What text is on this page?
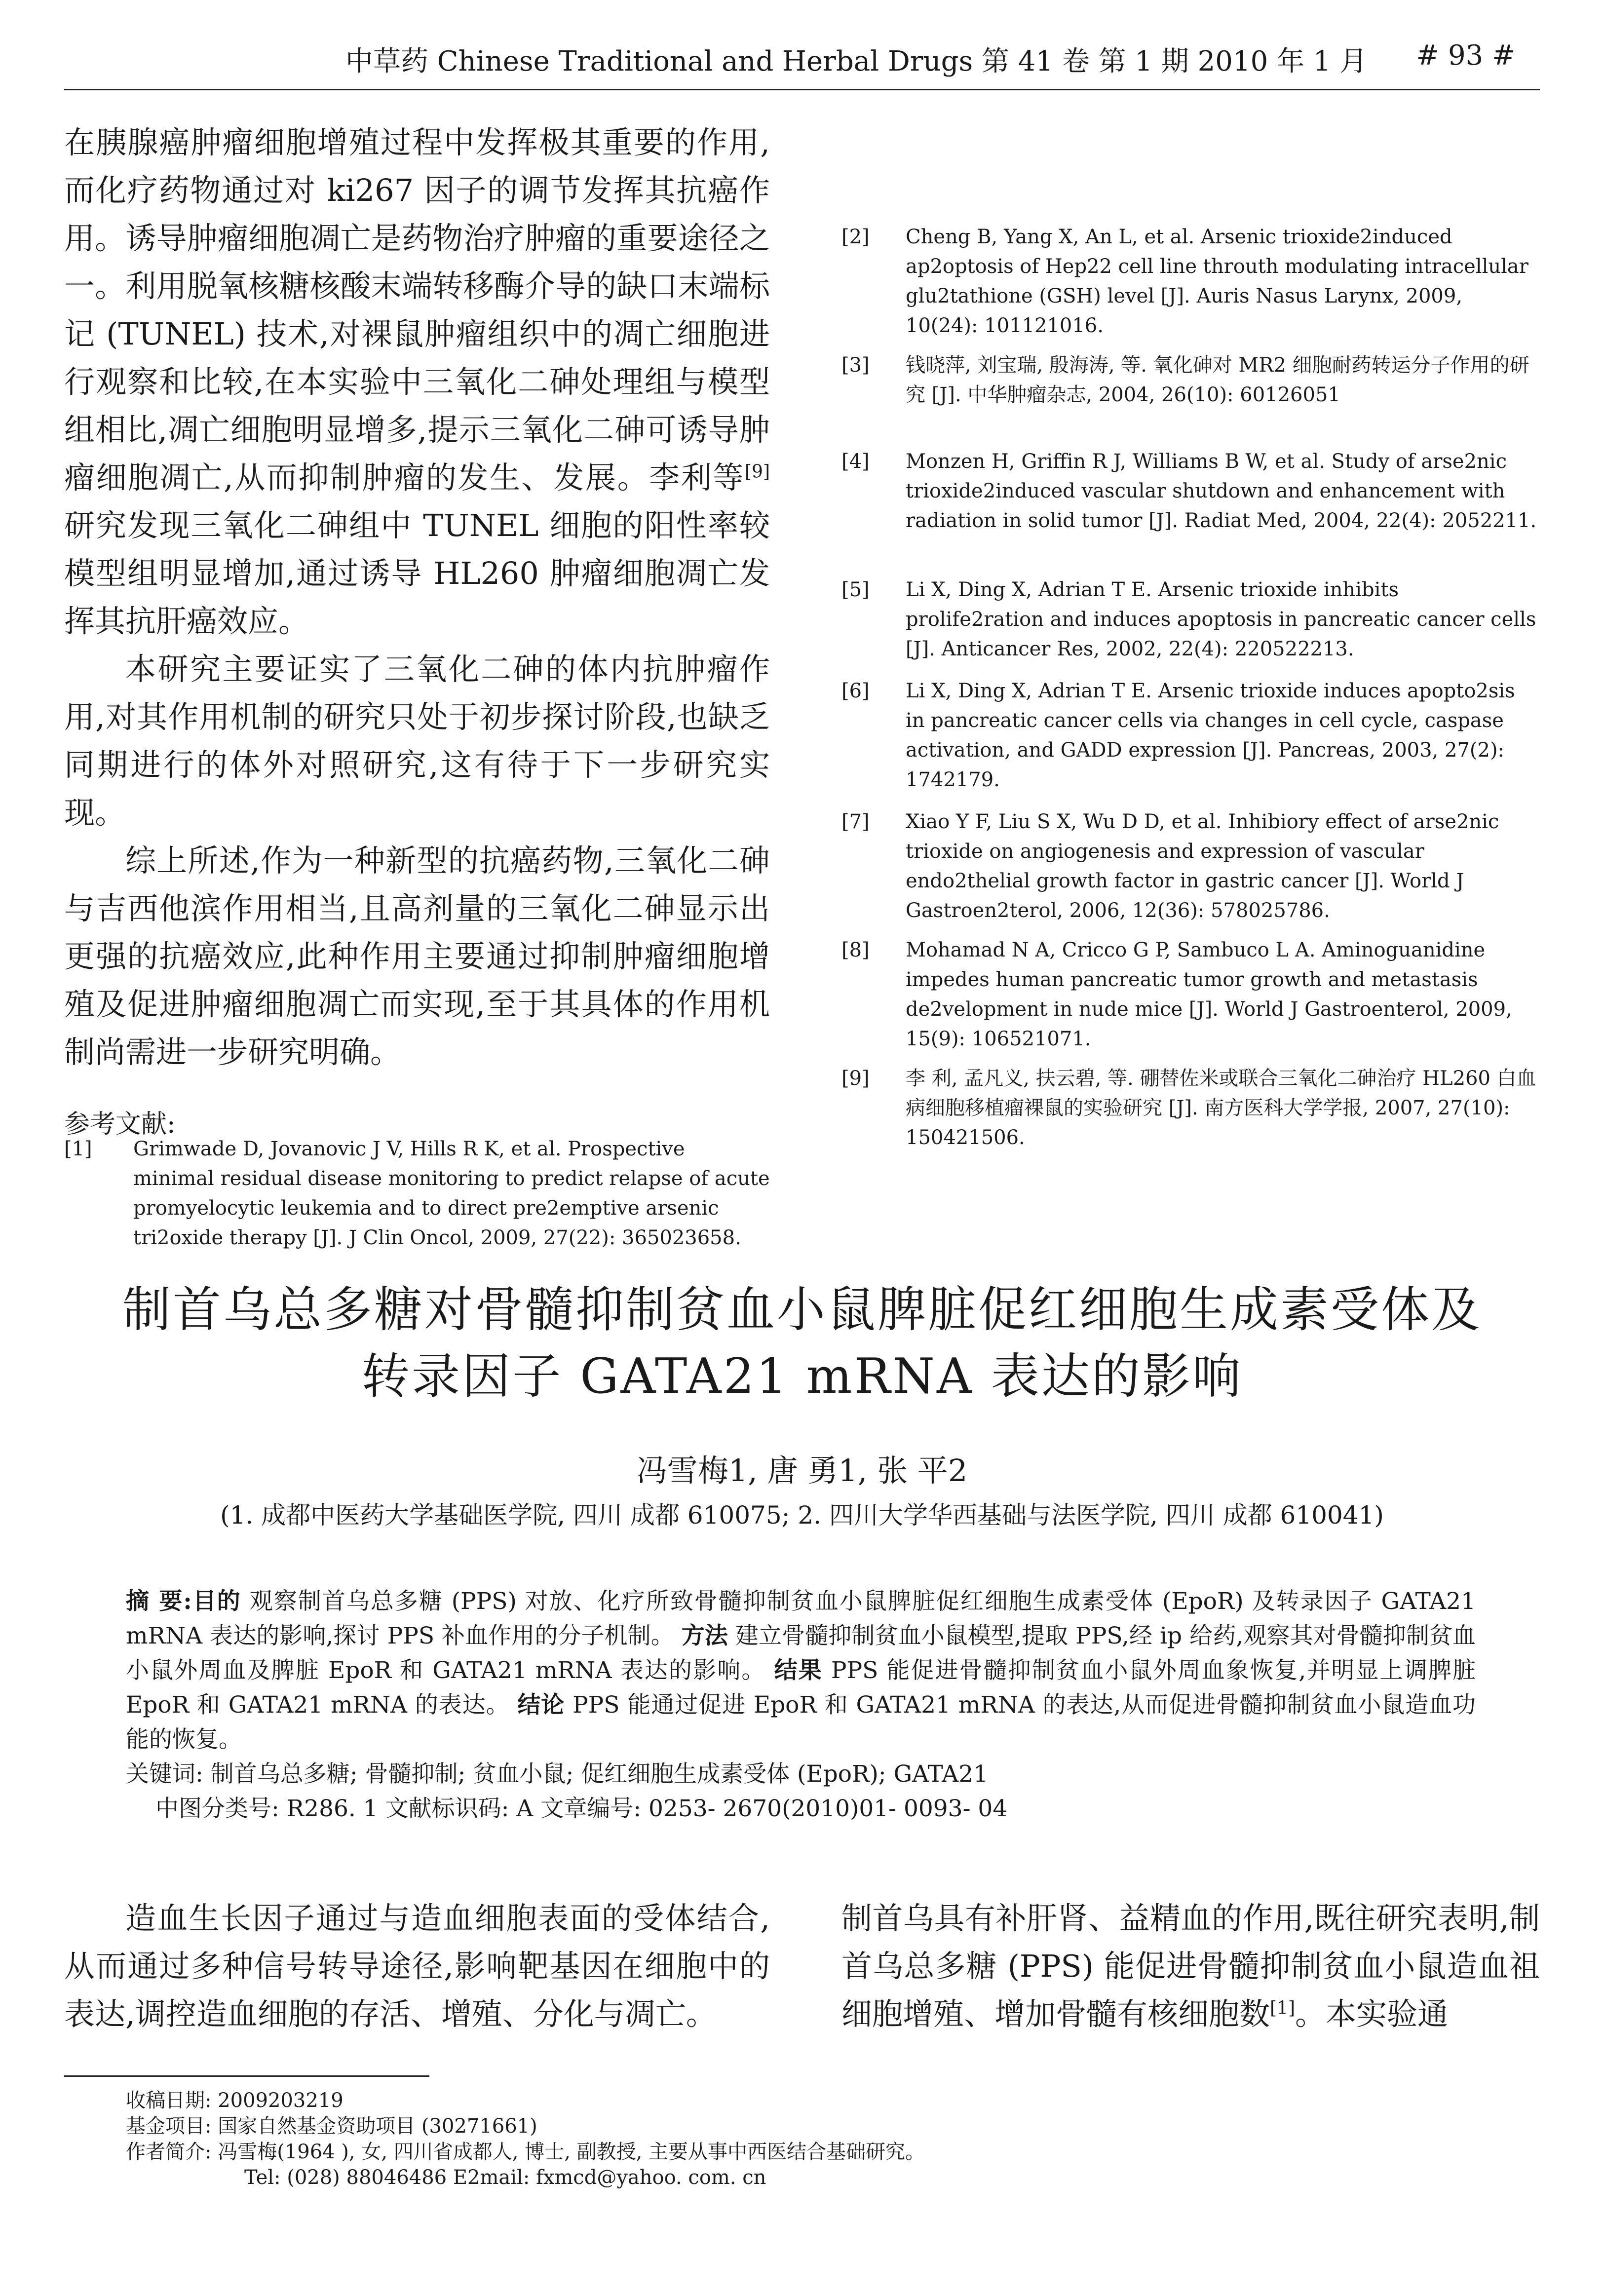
中草药 Chinese Traditional and Herbal Drugs 第 41 卷 第 1 期 2010 年 1 月 # 93 #

在胰腺癌肿瘤细胞增殖过程中发挥极其重要的作用,而化疗药物通过对 ki267 因子的调节发挥其抗癌作用。诱导肿瘤细胞凋亡是药物治疗肿瘤的重要途径之一。利用脱氧核糖核酸末端转移酶介导的缺口末端标记 (TUNEL) 技术,对裸鼠肿瘤组织中的凋亡细胞进行观察和比较,在本实验中三氧化二砷处理组与模型组相比,凋亡细胞明显增多,提示三氧化二砷可诱导肿瘤细胞凋亡,从而抑制肿瘤的发生、发展。李利等[9]研究发现三氧化二砷组中 TUNEL 细胞的阳性率较模型组明显增加,通过诱导 HL260 肿瘤细胞凋亡发挥其抗肝癌效应。

本研究主要证实了三氧化二砷的体内抗肿瘤作用,对其作用机制的研究只处于初步探讨阶段,也缺乏同期进行的体外对照研究,这有待于下一步研究实现。

综上所述,作为一种新型的抗癌药物,三氧化二砷与吉西他滨作用相当,且高剂量的三氧化二砷显示出更强的抗癌效应,此种作用主要通过抑制肿瘤细胞增殖及促进肿瘤细胞凋亡而实现,至于其具体的作用机制尚需进一步研究明确。

参考文献:
[1] Grimwade D, Jovanovic J V, Hills R K, et al. Prospective minimal residual disease monitoring to predict relapse of acute promyelocytic leukemia and to direct pre2emptive arsenic tri2oxide therapy [J]. J Clin Oncol, 2009, 27(22): 365023658.
[2] Cheng B, Yang X, An L, et al. Arsenic trioxide2induced ap2optosis of Hep22 cell line throuth modulating intracellular glu2tathione (GSH) level [J]. Auris Nasus Larynx, 2009, 10(24): 101121016.
[3] 钱晓萍, 刘宝瑞, 殷海涛, 等. 氧化砷对 MR2 细胞耐药转运分子作用的研究 [J]. 中华肿瘤杂志, 2004, 26(10): 60126051
[4] Monzen H, Griffin R J, Williams B W, et al. Study of arse2nic trioxide2induced vascular shutdown and enhancement with radiation in solid tumor [J]. Radiat Med, 2004, 22(4): 2052211.
[5] Li X, Ding X, Adrian T E. Arsenic trioxide inhibits prolife2ration and induces apoptosis in pancreatic cancer cells [J]. Anticancer Res, 2002, 22(4): 220522213.
[6] Li X, Ding X, Adrian T E. Arsenic trioxide induces apopto2sis in pancreatic cancer cells via changes in cell cycle, caspase activation, and GADD expression [J]. Pancreas, 2003, 27(2): 1742179.
[7] Xiao Y F, Liu S X, Wu D D, et al. Inhibiory effect of arse2nic trioxide on angiogenesis and expression of vascular endo2thelial growth factor in gastric cancer [J]. World J Gastroen2terol, 2006, 12(36): 578025786.
[8] Mohamad N A, Cricco G P, Sambuco L A. Aminoguanidine impedes human pancreatic tumor growth and metastasis de2velopment in nude mice [J]. World J Gastroenterol, 2009, 15(9): 106521071.
[9] 李 利, 孟凡义, 扶云碧, 等. 硼替佐米或联合三氧化二砷治疗 HL260 白血病细胞移植瘤裸鼠的实验研究 [J]. 南方医科大学学报, 2007, 27(10): 150421506.
制首乌总多糖对骨髓抑制贫血小鼠脾脏促红细胞生成素受体及
转录因子 GATA21 mRNA 表达的影响
冯雪梅1, 唐 勇1, 张 平2
(1. 成都中医药大学基础医学院, 四川 成都 610075; 2. 四川大学华西基础与法医学院, 四川 成都 610041)

摘 要:目的 观察制首乌总多糖 (PPS) 对放、化疗所致骨髓抑制贫血小鼠脾脏促红细胞生成素受体 (EpoR) 及转录因子 GATA21 mRNA 表达的影响,探讨 PPS 补血作用的分子机制。 方法 建立骨髓抑制贫血小鼠模型,提取 PPS,经 ip 给药,观察其对骨髓抑制贫血小鼠外周血及脾脏 EpoR 和 GATA21 mRNA 表达的影响。 结果 PPS 能促进骨髓抑制贫血小鼠外周血象恢复,并明显上调脾脏 EpoR 和 GATA21 mRNA 的表达。 结论 PPS 能通过促进 EpoR 和 GATA21 mRNA 的表达,从而促进骨髓抑制贫血小鼠造血功能的恢复。

关键词: 制首乌总多糖; 骨髓抑制; 贫血小鼠; 促红细胞生成素受体 (EpoR); GATA21

中图分类号: R286. 1 文献标识码: A 文章编号: 0253- 2670(2010)01- 0093- 04

造血生长因子通过与造血细胞表面的受体结合,从而通过多种信号转导途径,影响靶基因在细胞中的表达,调控造血细胞的存活、增殖、分化与凋亡。

制首乌具有补肝肾、益精血的作用,既往研究表明,制首乌总多糖 (PPS) 能促进骨髓抑制贫血小鼠造血祖细胞增殖、增加骨髓有核细胞数[1]。本实验通

收稿日期: 2009203219
基金项目: 国家自然基金资助项目 (30271661)
作者简介: 冯雪梅(1964 ), 女, 四川省成都人, 博士, 副教授, 主要从事中西医结合基础研究。
Tel: (028) 88046486 E2mail: fxmcd@yahoo. com. cn
